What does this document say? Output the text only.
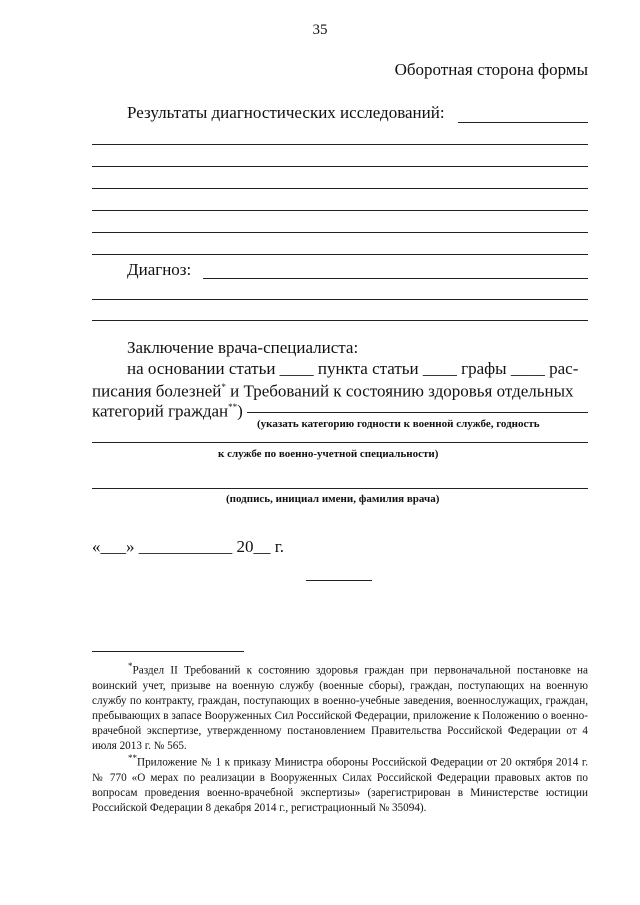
35
Оборотная сторона формы
Результаты диагностических исследований:
Диагноз:
Заключение врача-специалиста:
на основании статьи ____ пункта статьи ____ графы ____ рас-
писания болезней* и Требований к состоянию здоровья отдельных
категорий граждан**)
(указать категорию годности к военной службе, годность
к службе по военно-учетной специальности)
(подпись, инициал имени, фамилия врача)
«___» ___________ 20__ г.
*Раздел II Требований к состоянию здоровья граждан при первоначальной постановке на воинский учет, призыве на военную службу (военные сборы), граждан, поступающих на военную службу по контракту, граждан, поступающих в военно-учебные заведения, военнослужащих, граждан, пребывающих в запасе Вооруженных Сил Российской Федерации, приложение к Положению о военно-врачебной экспертизе, утвержденному постановлением Правительства Российской Федерации от 4 июля 2013 г. № 565.
**Приложение № 1 к приказу Министра обороны Российской Федерации от 20 октября 2014 г. № 770 «О мерах по реализации в Вооруженных Силах Российской Федерации правовых актов по вопросам проведения военно-врачебной экспертизы» (зарегистрирован в Министерстве юстиции Российской Федерации 8 декабря 2014 г., регистрационный № 35094).
